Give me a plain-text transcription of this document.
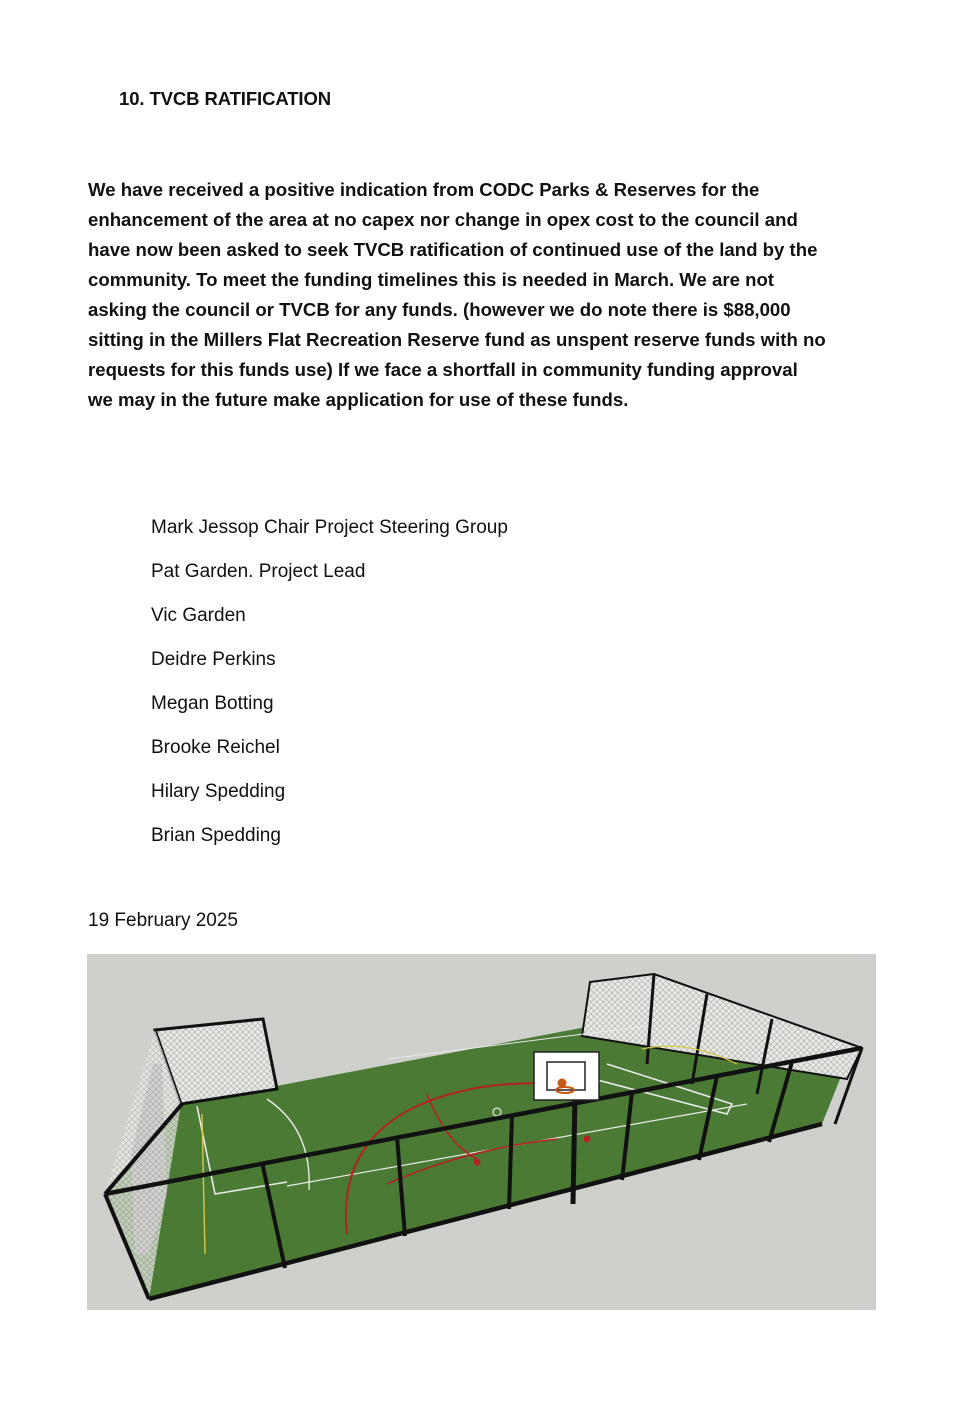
10. TVCB RATIFICATION

We have received a positive indication from CODC Parks & Reserves for the
enhancement of the area at no capex nor change in opex cost to the council and
have now been asked to seek TVCB ratification of continued use of the land by the
community. To meet the funding timelines this is needed in March. We are not
asking the council or TVCB for any funds. (however we do note there is $88,000
sitting in the Millers Flat Recreation Reserve fund as unspent reserve funds with no
requests for this funds use) If we face a shortfall in community funding approval
we may in the future make application for use of these funds.

Mark Jessop Chair Project Steering Group
Pat Garden. Project Lead
Vic Garden
Deidre Perkins
Megan Botting
Brooke Reichel
Hilary Spedding
Brian Spedding
19 February 2025
